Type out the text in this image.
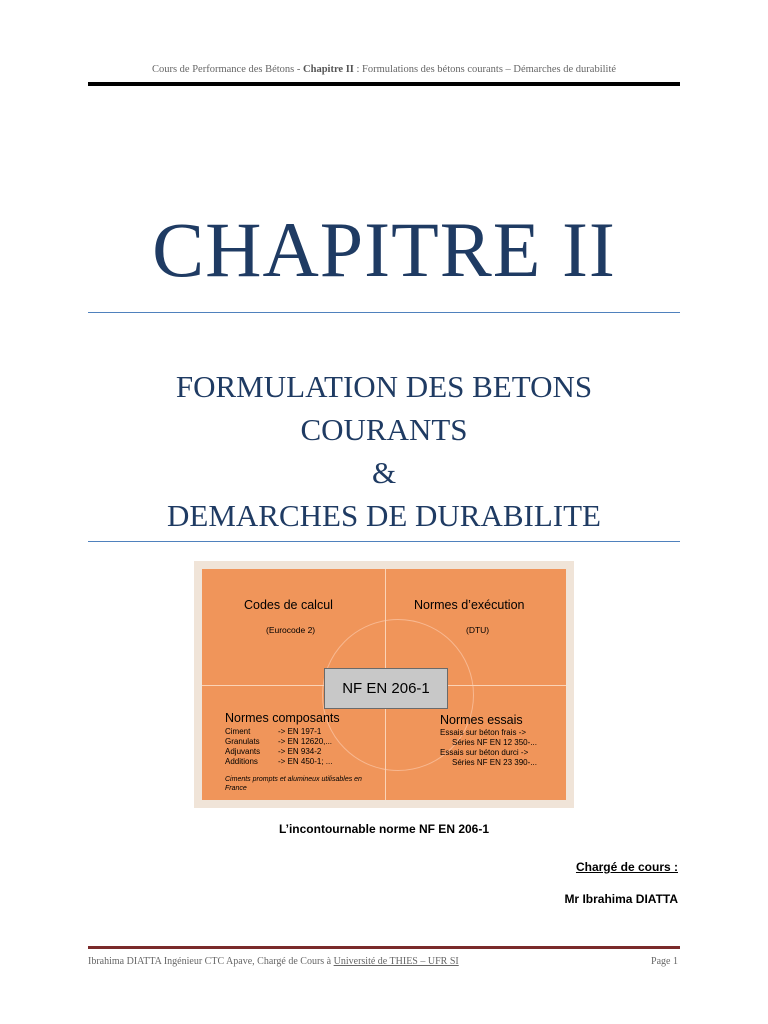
Cours de Performance des Bétons - Chapitre II : Formulations des bétons courants – Démarches de durabilité
CHAPITRE II
FORMULATION DES BETONS
COURANTS
&
DEMARCHES DE DURABILITE
Codes de calcul
(Eurocode 2)
Normes d’exécution
(DTU)
NF EN 206-1
Normes composants
Ciment	-> EN 197-1
Granulats -> EN 12620,...
Adjuvants -> EN 934-2
Additions	-> EN 450-1; ...
Ciments prompts et alumineux utilisables en France
Normes essais
Essais sur béton frais ->
Séries NF EN 12 350-...
Essais sur béton durci ->
Séries NF EN 23 390-...
L’incontournable norme NF EN 206-1
Chargé de cours :
Mr Ibrahima DIATTA
Ibrahima DIATTA Ingénieur CTC Apave, Chargé de Cours à Université de THIES – UFR SI	Page 1
